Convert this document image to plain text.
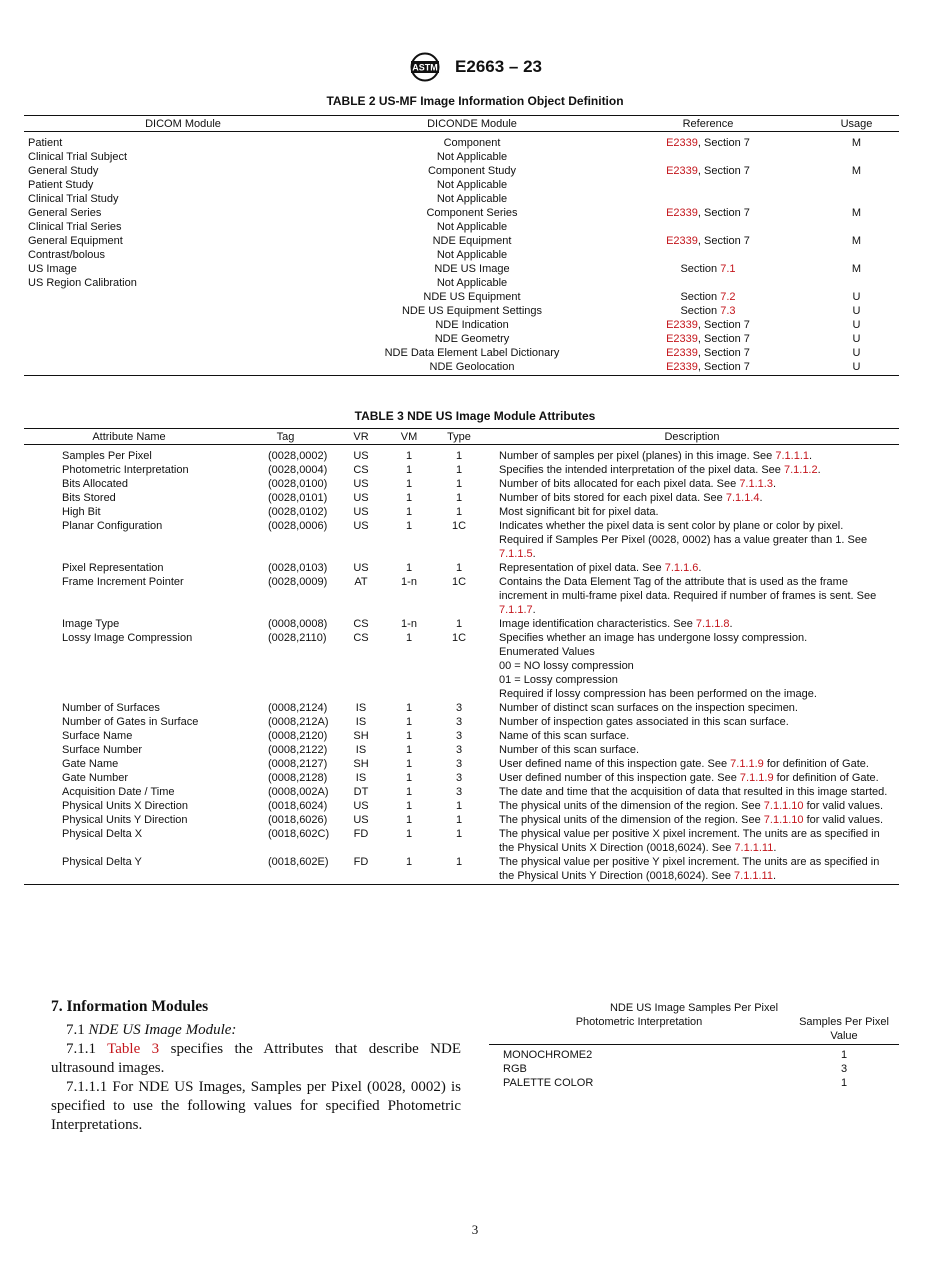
ASTM E2663 – 23
TABLE 2 US-MF Image Information Object Definition
DICOM Module	DICONDE Module	Reference	Usage
Patient	Component	E2339, Section 7	M
Clinical Trial Subject	Not Applicable		
General Study	Component Study	E2339, Section 7	M
Patient Study	Not Applicable		
Clinical Trial Study	Not Applicable		
General Series	Component Series	E2339, Section 7	M
Clinical Trial Series	Not Applicable		
General Equipment	NDE Equipment	E2339, Section 7	M
Contrast/bolous	Not Applicable		
US Image	NDE US Image	Section 7.1	M
US Region Calibration	Not Applicable		
	NDE US Equipment	Section 7.2	U
	NDE US Equipment Settings	Section 7.3	U
	NDE Indication	E2339, Section 7	U
	NDE Geometry	E2339, Section 7	U
	NDE Data Element Label Dictionary	E2339, Section 7	U
	NDE Geolocation	E2339, Section 7	U
TABLE 3 NDE US Image Module Attributes
Attribute Name	Tag	VR	VM	Type	Description
Samples Per Pixel	(0028,0002)	US	1	1	Number of samples per pixel (planes) in this image. See 7.1.1.1.
Photometric Interpretation	(0028,0004)	CS	1	1	Specifies the intended interpretation of the pixel data. See 7.1.1.2.
Bits Allocated	(0028,0100)	US	1	1	Number of bits allocated for each pixel data. See 7.1.1.3.
Bits Stored	(0028,0101)	US	1	1	Number of bits stored for each pixel data. See 7.1.1.4.
High Bit	(0028,0102)	US	1	1	Most significant bit for pixel data.
Planar Configuration	(0028,0006)	US	1	1C	Indicates whether the pixel data is sent color by plane or color by pixel. Required if Samples Per Pixel (0028, 0002) has a value greater than 1. See 7.1.1.5.
Pixel Representation	(0028,0103)	US	1	1	Representation of pixel data. See 7.1.1.6.
Frame Increment Pointer	(0028,0009)	AT	1-n	1C	Contains the Data Element Tag of the attribute that is used as the frame increment in multi-frame pixel data. Required if number of frames is sent. See 7.1.1.7.
Image Type	(0008,0008)	CS	1-n	1	Image identification characteristics. See 7.1.1.8.
Lossy Image Compression	(0028,2110)	CS	1	1C	Specifies whether an image has undergone lossy compression.
Enumerated Values
00 = NO lossy compression
01 = Lossy compression
Required if lossy compression has been performed on the image.
Number of Surfaces	(0008,2124)	IS	1	3	Number of distinct scan surfaces on the inspection specimen.
Number of Gates in Surface	(0008,212A)	IS	1	3	Number of inspection gates associated in this scan surface.
Surface Name	(0008,2120)	SH	1	3	Name of this scan surface.
Surface Number	(0008,2122)	IS	1	3	Number of this scan surface.
Gate Name	(0008,2127)	SH	1	3	User defined name of this inspection gate. See 7.1.1.9 for definition of Gate.
Gate Number	(0008,2128)	IS	1	3	User defined number of this inspection gate. See 7.1.1.9 for definition of Gate.
Acquisition Date / Time	(0008,002A)	DT	1	3	The date and time that the acquisition of data that resulted in this image started.
Physical Units X Direction	(0018,6024)	US	1	1	The physical units of the dimension of the region. See 7.1.1.10 for valid values.
Physical Units Y Direction	(0018,6026)	US	1	1	The physical units of the dimension of the region. See 7.1.1.10 for valid values.
Physical Delta X	(0018,602C)	FD	1	1	The physical value per positive X pixel increment. The units are as specified in the Physical Units X Direction (0018,6024). See 7.1.1.11.
Physical Delta Y	(0018,602E)	FD	1	1	The physical value per positive Y pixel increment. The units are as specified in the Physical Units Y Direction (0018,6024). See 7.1.1.11.
7. Information Modules

7.1 NDE US Image Module:

7.1.1 Table 3 specifies the Attributes that describe NDE ultrasound images.

7.1.1.1 For NDE US Images, Samples per Pixel (0028, 0002) is specified to use the following values for specified Photometric Interpretations.

NDE US Image Samples Per Pixel
Photometric Interpretation	Samples Per Pixel Value
MONOCHROME2	1
RGB	3
PALETTE COLOR	1
3
